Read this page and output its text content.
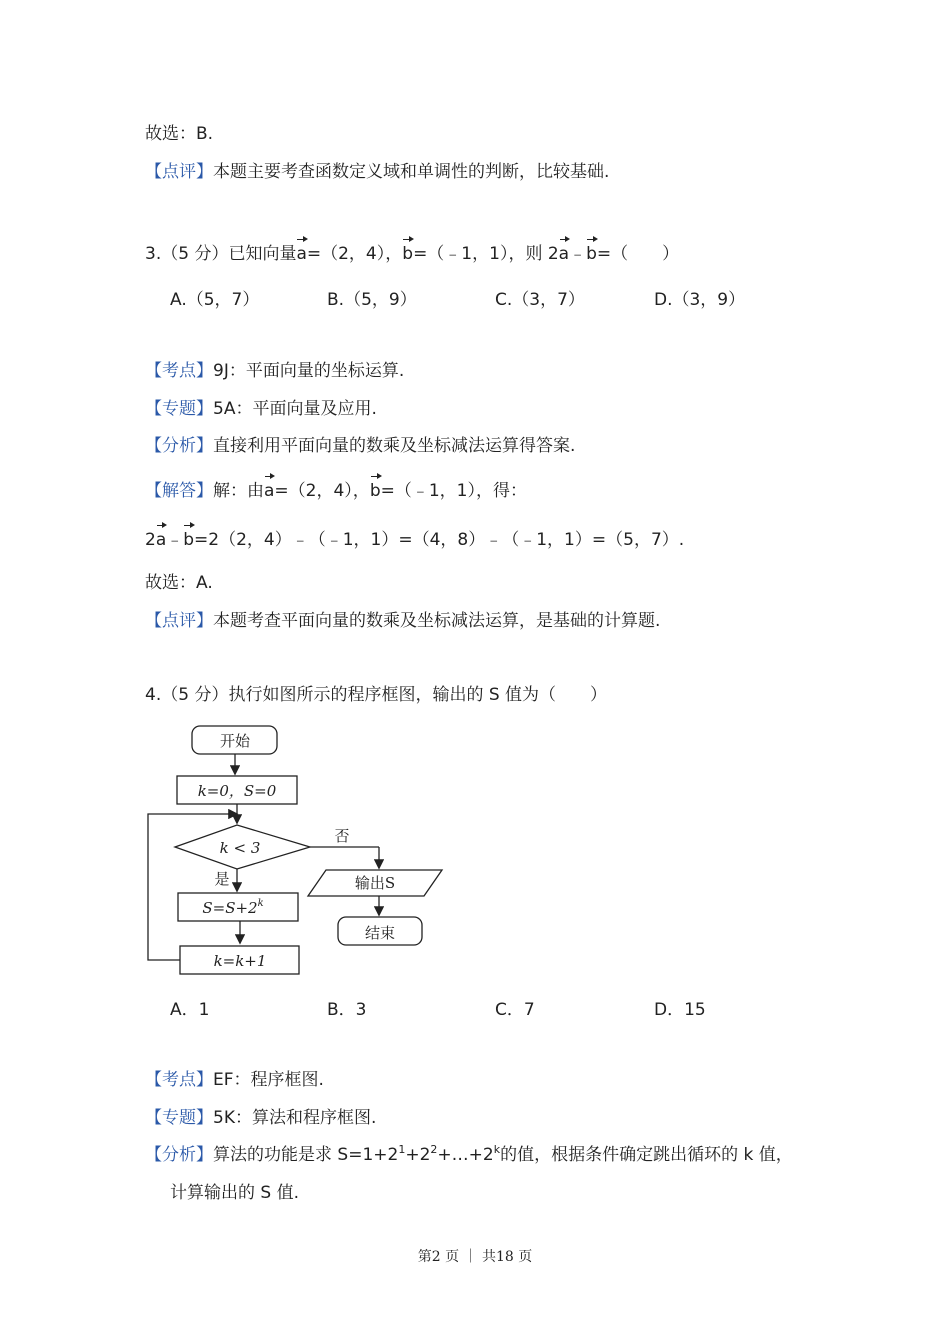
故选：B.
【点评】本题主要考查函数定义域和单调性的判断，比较基础.
3.（5 分）已知向量a=（2，4），b=（﹣1，1），则 2a﹣b=（　　）
A.（5，7）	B.（5，9）	C.（3，7）	D.（3，9）
【考点】9J：平面向量的坐标运算.
【专题】5A：平面向量及应用.
【分析】直接利用平面向量的数乘及坐标减法运算得答案.
【解答】解：由a=（2，4），b=（﹣1，1），得：
2a﹣b=2（2，4）﹣（﹣1，1）=（4，8）﹣（﹣1，1）=（5，7）.
故选：A.
【点评】本题考查平面向量的数乘及坐标减法运算，是基础的计算题.
4.（5 分）执行如图所示的程序框图，输出的 S 值为（　　）
开始
k=0，S=0
k < 3
否
是
$S=S+2^k$
k=k+1
输出S
结束
A．1	B．3	C．7	D．15
【考点】EF：程序框图.
【专题】5K：算法和程序框图.
【分析】算法的功能是求 $S=1+2^1+2^2+\dots+2^k$的值，根据条件确定跳出循环的 k 值，
计算输出的 S 值.
第2 页 ｜ 共18 页
